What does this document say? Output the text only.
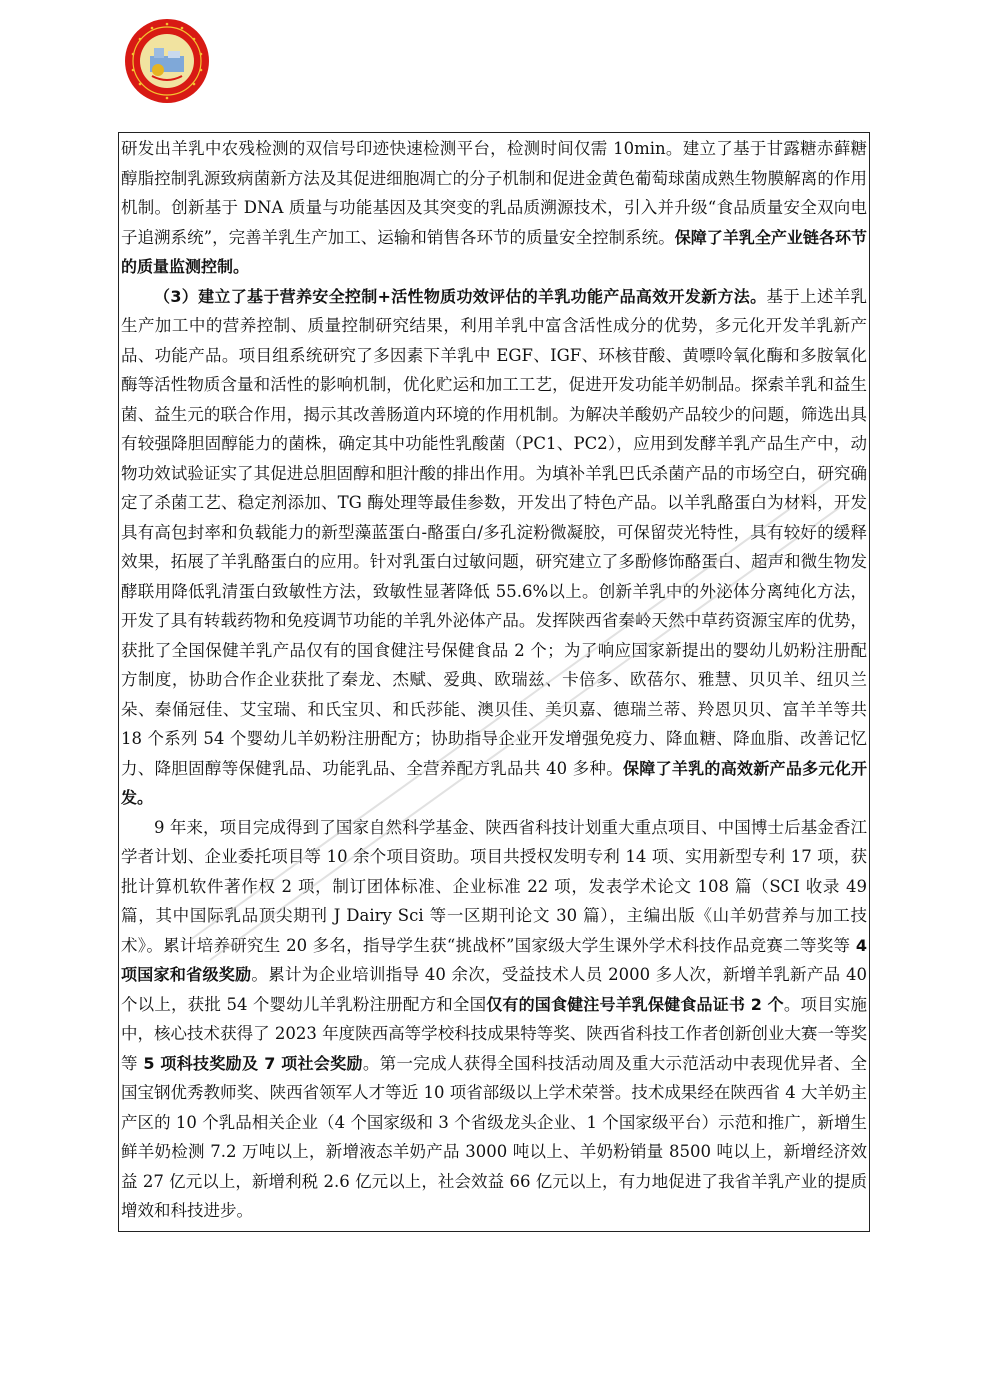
研发出羊乳中农残检测的双信号印迹快速检测平台，检测时间仅需 10min。建立了基于甘露糖赤藓糖醇脂控制乳源致病菌新方法及其促进细胞凋亡的分子机制和促进金黄色葡萄球菌成熟生物膜解离的作用机制。创新基于 DNA 质量与功能基因及其突变的乳品质溯源技术，引入并升级“食品质量安全双向电子追溯系统”，完善羊乳生产加工、运输和销售各环节的质量安全控制系统。保障了羊乳全产业链各环节的质量监测控制。

（3）建立了基于营养安全控制+活性物质功效评估的羊乳功能产品高效开发新方法。基于上述羊乳生产加工中的营养控制、质量控制研究结果，利用羊乳中富含活性成分的优势，多元化开发羊乳新产品、功能产品。项目组系统研究了多因素下羊乳中 EGF、IGF、环核苷酸、黄嘌呤氧化酶和多胺氧化酶等活性物质含量和活性的影响机制，优化贮运和加工工艺，促进开发功能羊奶制品。探索羊乳和益生菌、益生元的联合作用，揭示其改善肠道内环境的作用机制。为解决羊酸奶产品较少的问题，筛选出具有较强降胆固醇能力的菌株，确定其中功能性乳酸菌（PC1、PC2），应用到发酵羊乳产品生产中，动物功效试验证实了其促进总胆固醇和胆汁酸的排出作用。为填补羊乳巴氏杀菌产品的市场空白，研究确定了杀菌工艺、稳定剂添加、TG 酶处理等最佳参数，开发出了特色产品。以羊乳酪蛋白为材料，开发具有高包封率和负载能力的新型藻蓝蛋白-酪蛋白/多孔淀粉微凝胶，可保留荧光特性，具有较好的缓释效果，拓展了羊乳酪蛋白的应用。针对乳蛋白过敏问题，研究建立了多酚修饰酪蛋白、超声和微生物发酵联用降低乳清蛋白致敏性方法，致敏性显著降低 55.6%以上。创新羊乳中的外泌体分离纯化方法，开发了具有转载药物和免疫调节功能的羊乳外泌体产品。发挥陕西省秦岭天然中草药资源宝库的优势，获批了全国保健羊乳产品仅有的国食健注号保健食品 2 个；为了响应国家新提出的婴幼儿奶粉注册配方制度，协助合作企业获批了秦龙、杰赋、爱典、欧瑞兹、卡倍多、欧蓓尔、雅慧、贝贝羊、纽贝兰朵、秦俑冠佳、艾宝瑞、和氏宝贝、和氏莎能、澳贝佳、美贝嘉、德瑞兰蒂、羚恩贝贝、富羊羊等共 18 个系列 54 个婴幼儿羊奶粉注册配方；协助指导企业开发增强免疫力、降血糖、降血脂、改善记忆力、降胆固醇等保健乳品、功能乳品、全营养配方乳品共 40 多种。保障了羊乳的高效新产品多元化开发。

9 年来，项目完成得到了国家自然科学基金、陕西省科技计划重大重点项目、中国博士后基金香江学者计划、企业委托项目等 10 余个项目资助。项目共授权发明专利 14 项、实用新型专利 17 项，获批计算机软件著作权 2 项，制订团体标准、企业标准 22 项，发表学术论文 108 篇（SCI 收录 49 篇，其中国际乳品顶尖期刊 J Dairy Sci 等一区期刊论文 30 篇），主编出版《山羊奶营养与加工技术》。累计培养研究生 20 多名，指导学生获“挑战杯”国家级大学生课外学术科技作品竞赛二等奖等 4 项国家和省级奖励。累计为企业培训指导 40 余次，受益技术人员 2000 多人次，新增羊乳新产品 40 个以上，获批 54 个婴幼儿羊乳粉注册配方和全国仅有的国食健注号羊乳保健食品证书 2 个。项目实施中，核心技术获得了 2023 年度陕西高等学校科技成果特等奖、陕西省科技工作者创新创业大赛一等奖等 5 项科技奖励及 7 项社会奖励。第一完成人获得全国科技活动周及重大示范活动中表现优异者、全国宝钢优秀教师奖、陕西省领军人才等近 10 项省部级以上学术荣誉。技术成果经在陕西省 4 大羊奶主产区的 10 个乳品相关企业（4 个国家级和 3 个省级龙头企业、1 个国家级平台）示范和推广，新增生鲜羊奶检测 7.2 万吨以上，新增液态羊奶产品 3000 吨以上、羊奶粉销量 8500 吨以上，新增经济效益 27 亿元以上，新增利税 2.6 亿元以上，社会效益 66 亿元以上，有力地促进了我省羊乳产业的提质增效和科技进步。
